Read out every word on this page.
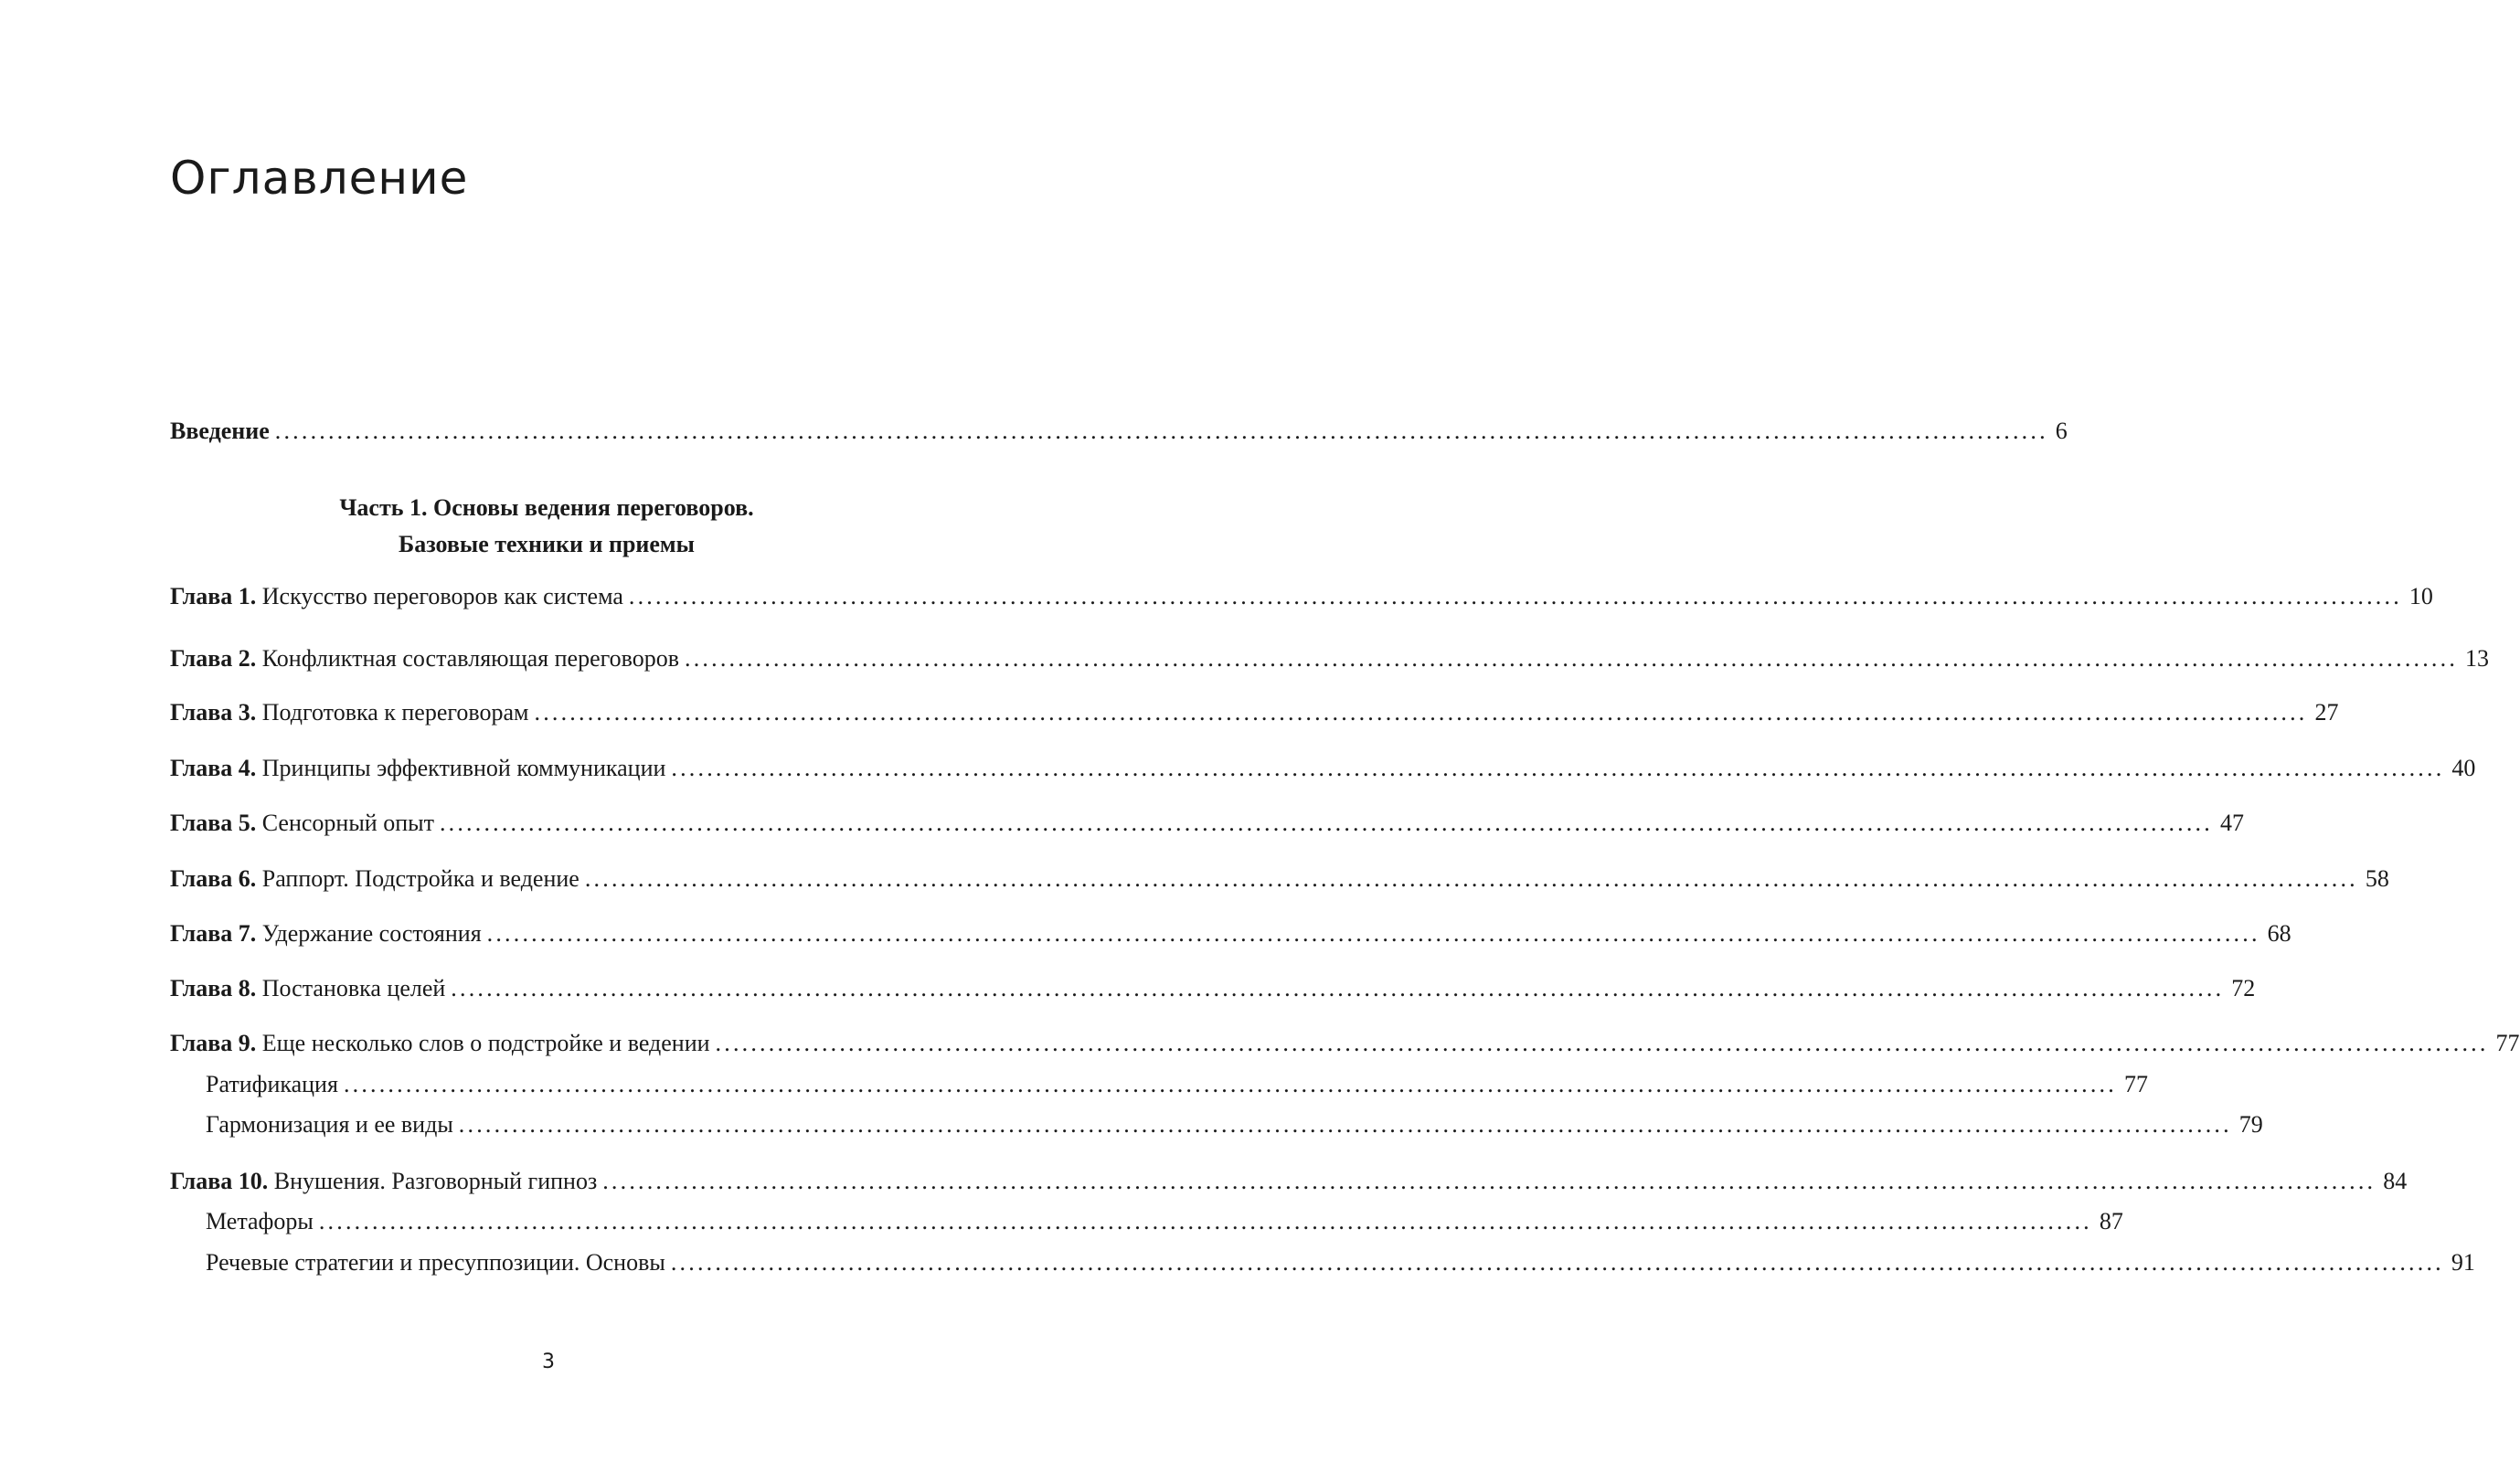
Оглавление
Введение ........................................................................................................................................................................................................ 6
Часть 1. Основы ведения переговоров.
Базовые техники и приемы
Глава 1. Искусство переговоров как система ........................................................................................................................................................................................................ 10
Глава 2. Конфликтная составляющая переговоров ........................................................................................................................................................................................................ 13
Глава 3. Подготовка к переговорам ........................................................................................................................................................................................................ 27
Глава 4. Принципы эффективной коммуникации ........................................................................................................................................................................................................ 40
Глава 5. Сенсорный опыт ........................................................................................................................................................................................................ 47
Глава 6. Раппорт. Подстройка и ведение ........................................................................................................................................................................................................ 58
Глава 7. Удержание состояния ........................................................................................................................................................................................................ 68
Глава 8. Постановка целей ........................................................................................................................................................................................................ 72
Глава 9. Еще несколько слов о подстройке и ведении ........................................................................................................................................................................................................ 77
Ратификация ........................................................................................................................................................................................................ 77
Гармонизация и ее виды ........................................................................................................................................................................................................ 79
Глава 10. Внушения. Разговорный гипноз ........................................................................................................................................................................................................ 84
Метафоры ........................................................................................................................................................................................................ 87
Речевые стратегии и пресуппозиции. Основы ........................................................................................................................................................................................................ 91
3
